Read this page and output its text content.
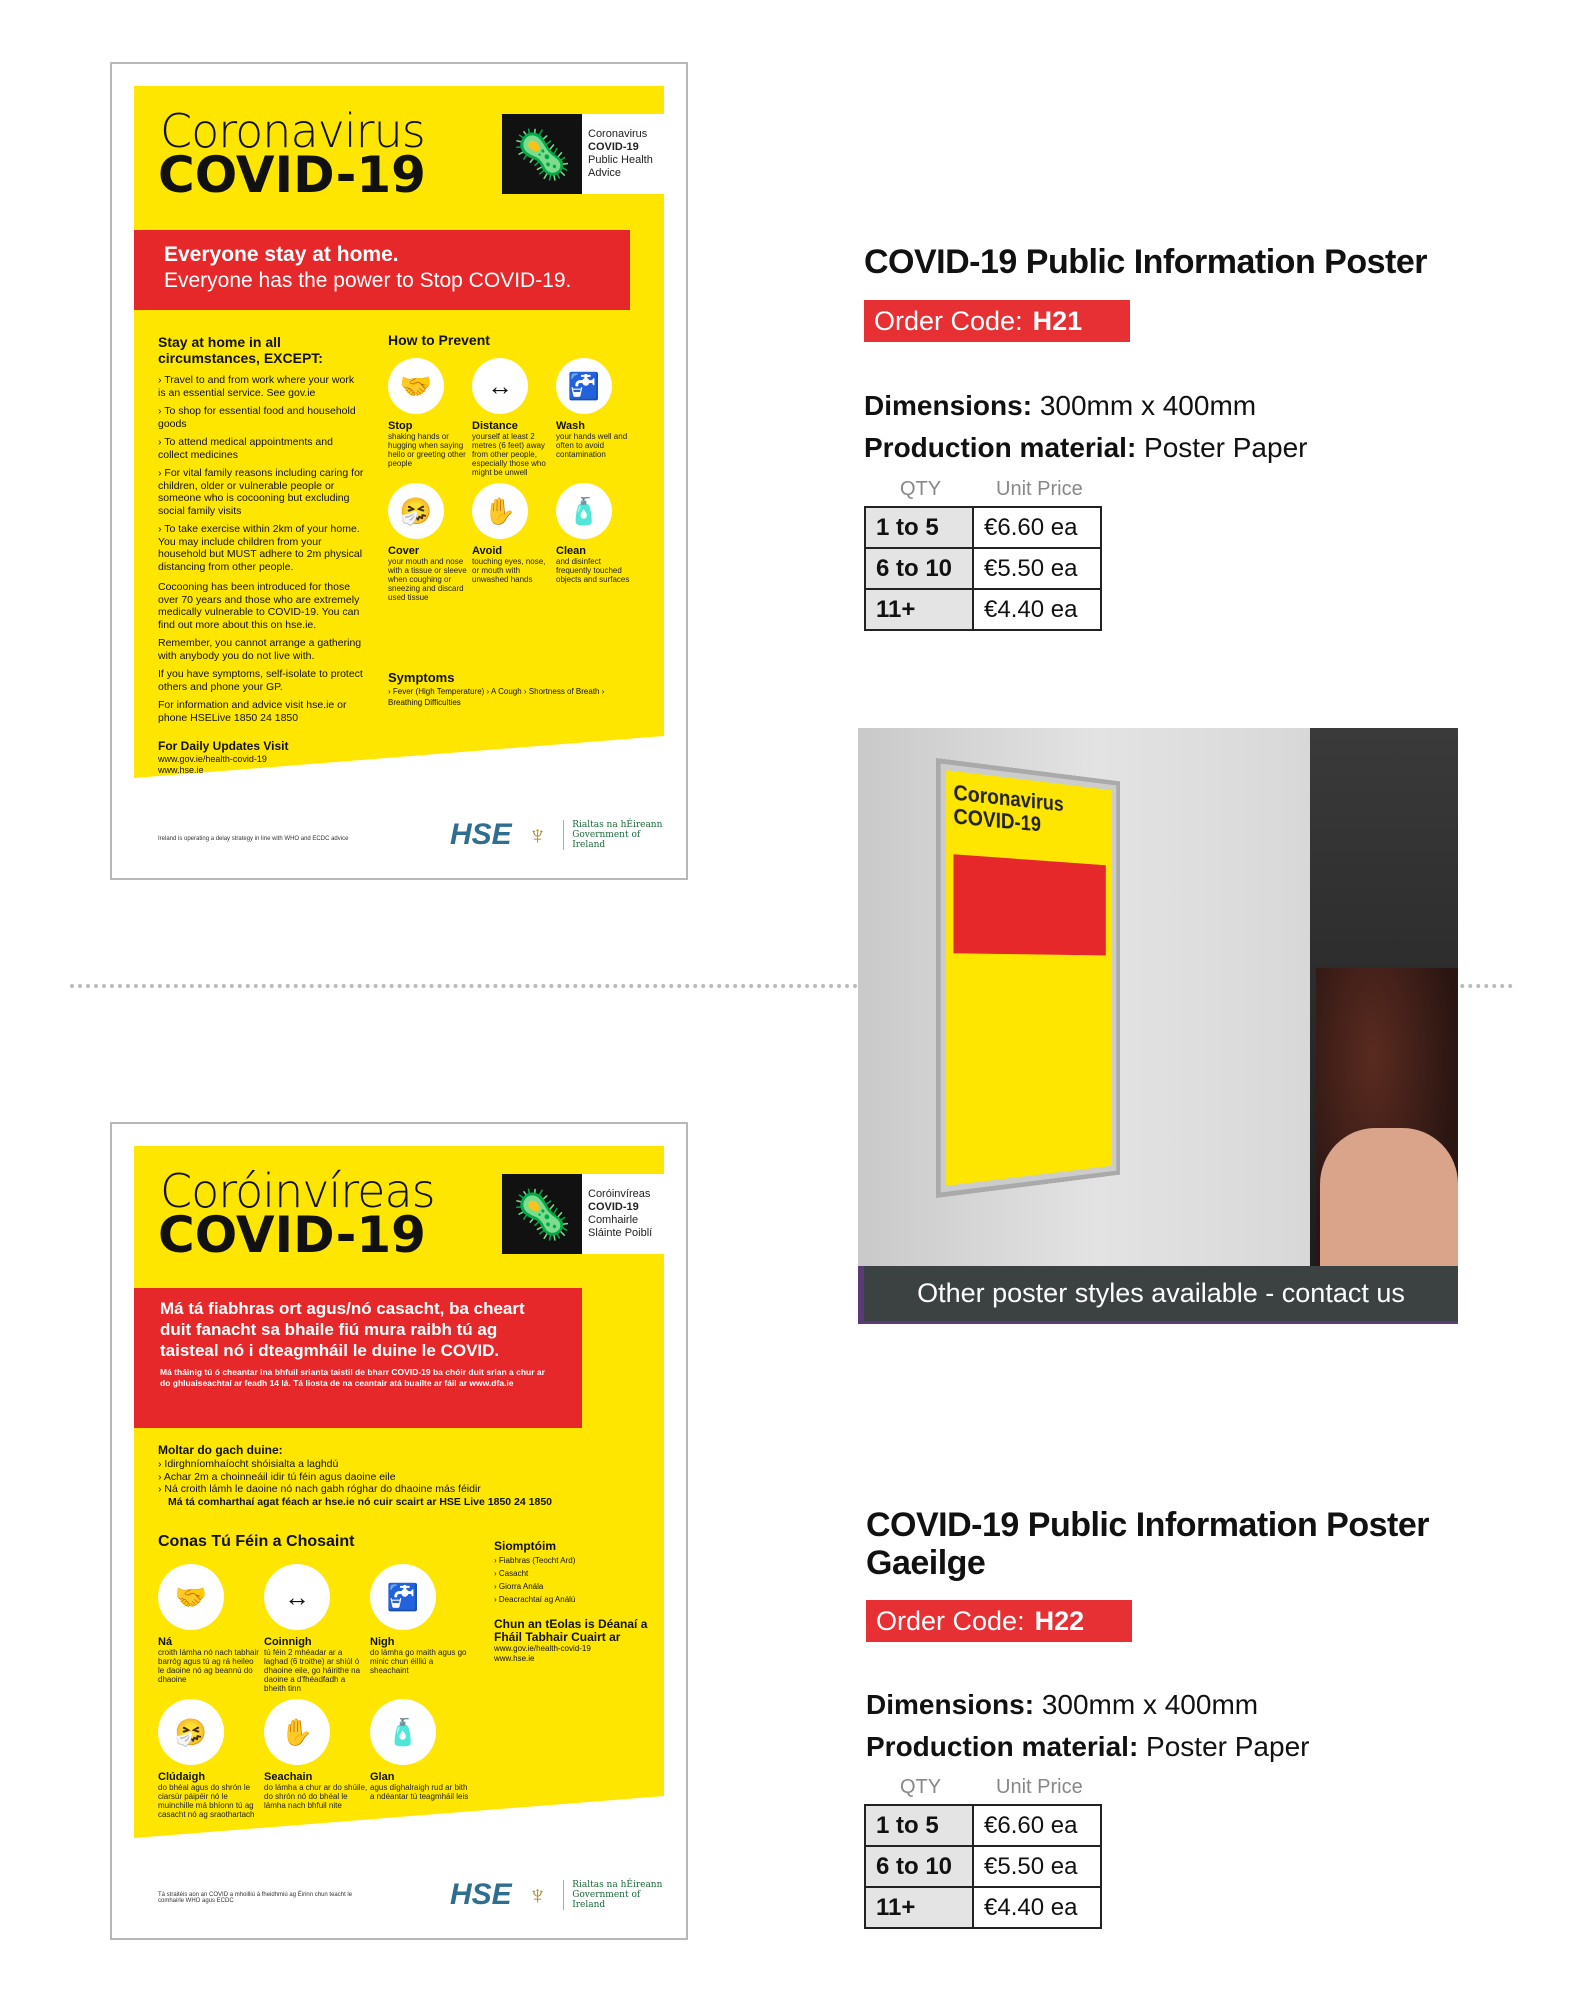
Coronavirus
COVID-19 🦠 Coronavirus
COVID-19
Public Health
Advice
Everyone stay at home.
Everyone has the power to Stop COVID-19.
Stay at home in all circumstances, EXCEPT:
› Travel to and from work where your work is an essential service. See gov.ie
› To shop for essential food and household goods
› To attend medical appointments and collect medicines
› For vital family reasons including caring for children, older or vulnerable people or someone who is cocooning but excluding social family visits
› To take exercise within 2km of your home. You may include children from your household but MUST adhere to 2m physical distancing from other people.
Cocooning has been introduced for those over 70 years and those who are extremely medically vulnerable to COVID-19. You can find out more about this on hse.ie.
Remember, you cannot arrange a gathering with anybody you do not live with.
If you have symptoms, self-isolate to protect others and phone your GP.
For information and advice visit hse.ie or phone HSELive 1850 24 1850
For Daily Updates Visit
www.gov.ie/health-covid-19
www.hse.ie
How to Prevent
🤝
Stop
shaking hands or hugging when saying hello or greeting other people
↔
Distance
yourself at least 2 metres (6 feet) away from other people, especially those who might be unwell
🚰
Wash
your hands well and often to avoid contamination
🤧
Cover
your mouth and nose with a tissue or sleeve when coughing or sneezing and discard used tissue
✋
Avoid
touching eyes, nose, or mouth with unwashed hands
🧴
Clean
and disinfect frequently touched objects and surfaces
Symptoms
› Fever (High Temperature) › A Cough › Shortness of Breath › Breathing Difficulties
Ireland is operating a delay strategy in line with WHO and ECDC advice	HSE ♆	Rialtas na hÉireann
Government of Ireland
COVID-19 Public Information Poster
Order Code: H21
Dimensions: 300mm x 400mm
Production material: Poster Paper
QTY	Unit Price
1 to 5	€6.60 ea
6 to 10	€5.50 ea
11+	€4.40 ea
Coronavirus COVID-19
Other poster styles available - contact us
Coróinvíreas
COVID-19 🦠 Coróinvíreas
COVID-19
Comhairle
Sláinte Poiblí
Má tá fiabhras ort agus/nó casacht, ba cheart duit fanacht sa bhaile fiú mura raibh tú ag taisteal nó i dteagmháil le duine le COVID.
Má tháinig tú ó cheantar ina bhfuil srianta taistil de bharr COVID-19 ba chóir duit srian a chur ar do ghluaiseachtaí ar feadh 14 lá. Tá liosta de na ceantair atá buailte ar fáil ar www.dfa.ie
Moltar do gach duine:
› Idirghníomhaíocht shóisialta a laghdú
› Achar 2m a choinneáil idir tú féin agus daoine eile
› Ná croith lámh le daoine nó nach gabh róghar do dhaoine más féidir
Má tá comharthaí agat féach ar hse.ie nó cuir scairt ar HSE Live 1850 24 1850
Conas Tú Féin a Chosaint
🤝
Ná
croith lámha nó nach tabhair barróg agus tú ag rá heileo le daoine nó ag beannú do dhaoine
↔
Coinnigh
tú féin 2 mhéadar ar a laghad (6 troithe) ar shiúl ó dhaoine eile, go háirithe na daoine a d'fhéadfadh a bheith tinn
🚰
Nigh
do lámha go maith agus go minic chun éilliú a sheachaint
🤧
Clúdaigh
do bhéal agus do shrón le ciarsúr páipéir nó le muinchille má bhíonn tú ag casacht nó ag sraothartach
✋
Seachain
do lámha a chur ar do shúile, do shrón nó do bhéal le lámha nach bhfuil nite
🧴
Glan
agus díghalraigh rud ar bith a ndéantar tú teagmháil leis
Siomptóim
› Fiabhras (Teocht Ard)
› Casacht
› Giorra Anála
› Deacrachtaí ag Análú
Chun an tEolas is Déanaí a Fháil Tabhair Cuairt ar
www.gov.ie/health-covid-19
www.hse.ie
Tá straitéis aon an COVID a mhoilliú á fheidhmiú ag Éirinn chun teacht le comhairle WHO agus ECDC	HSE ♆	Rialtas na hÉireann
Government of Ireland
COVID-19 Public Information Poster
Gaeilge
Order Code: H22
Dimensions: 300mm x 400mm
Production material: Poster Paper
QTY	Unit Price
1 to 5	€6.60 ea
6 to 10	€5.50 ea
11+	€4.40 ea
